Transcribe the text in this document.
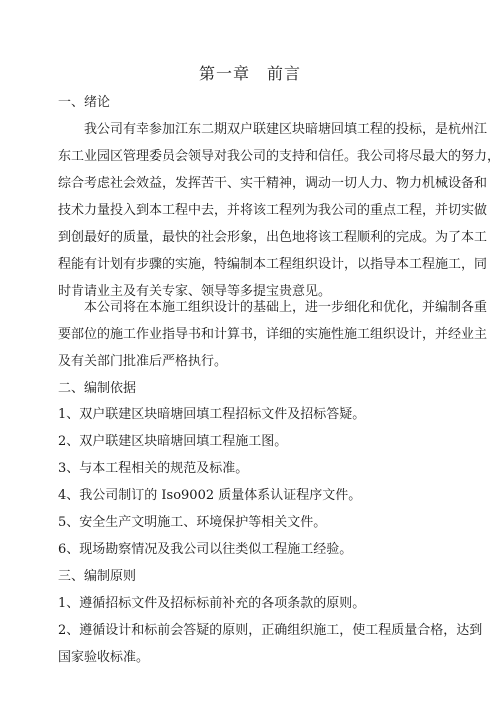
第一章　前言
一、绪论
我公司有幸参加江东二期双户联建区块暗塘回填工程的投标，是杭州江
东工业园区管理委员会领导对我公司的支持和信任。我公司将尽最大的努力，
综合考虑社会效益，发挥苦干、实干精神，调动一切人力、物力机械设备和
技术力量投入到本工程中去，并将该工程列为我公司的重点工程，并切实做
到创最好的质量，最快的社会形象，出色地将该工程顺利的完成。为了本工
程能有计划有步骤的实施，特编制本工程组织设计，以指导本工程施工，同
时肯请业主及有关专家、领导等多提宝贵意见。
本公司将在本施工组织设计的基础上，进一步细化和优化，并编制各重
要部位的施工作业指导书和计算书，详细的实施性施工组织设计，并经业主
及有关部门批准后严格执行。
二、编制依据
1、双户联建区块暗塘回填工程招标文件及招标答疑。
2、双户联建区块暗塘回填工程施工图。
3、与本工程相关的规范及标准。
4、我公司制订的 Iso9002 质量体系认证程序文件。
5、安全生产文明施工、环境保护等相关文件。
6、现场勘察情况及我公司以往类似工程施工经验。
三、编制原则
1、遵循招标文件及招标标前补充的各项条款的原则。
2、遵循设计和标前会答疑的原则，正确组织施工，使工程质量合格，达到
国家验收标准。
